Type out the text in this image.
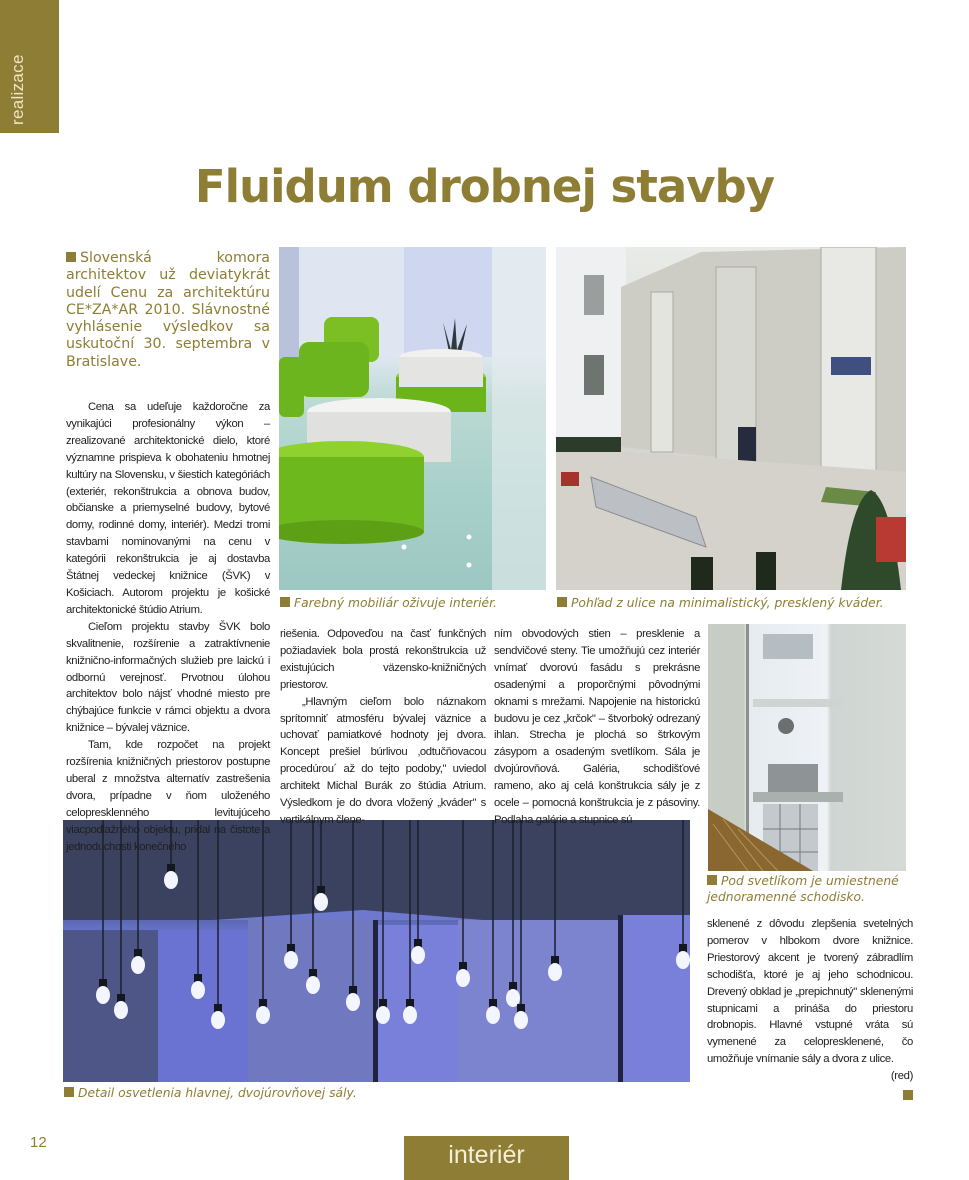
realizace
Fluidum drobnej stavby
Slovenská komora architektov už deviatykrát udelí Cenu za architektúru CE*ZA*AR 2010. Slávnostné vyhlásenie výsledkov sa uskutoční 30. septembra v Bratislave.
Farebný mobiliár oživuje interiér.	Pohľad z ulice na minimalistický, presklený kváder.
Pod svetlíkom je umiestnené jednoramenné schodisko.
Detail osvetlenia hlavnej, dvojúrovňovej sály.

Cena sa udeľuje každoročne za vynikajúci profesionálny výkon – zrealizované architektonické dielo, ktoré významne prispieva k obohateniu hmotnej kultúry na Slovensku, v šiestich kategóriách (exteriér, rekonštrukcia a obnova budov, občianske a priemyselné budovy, bytové domy, rodinné domy, interiér). Medzi tromi stavbami nominovanými na cenu v kategórii rekonštrukcia je aj dostavba Štátnej vedeckej knižnice (ŠVK) v Košiciach. Autorom projektu je košické architektonické štúdio Atrium.

Cieľom projektu stavby ŠVK bolo skvalitnenie, rozšírenie a zatraktívnenie knižnično-informačných služieb pre laickú i odbornú verejnosť. Prvotnou úlohou architektov bolo nájsť vhodné miesto pre chýbajúce funkcie v rámci objektu a dvora knižnice – bývalej väznice.

Tam, kde rozpočet na projekt rozšírenia knižničných priestorov postupne uberal z množstva alternatív zastrešenia dvora, prípadne v ňom uloženého celopresklenného levitujúceho viacpodlažného objektu, pridal na čistote a jednoduchosti konečného

riešenia. Odpoveďou na časť funkčných požiadaviek bola prostá rekonštrukcia už existujúcich väzensko-knižničných priestorov.

„Hlavným cieľom bolo náznakom sprítomniť atmosféru bývalej väznice a uchovať pamiatkové hodnoty jej dvora. Koncept prešiel búrlivou ‚odtučňovacou procedúrou´ až do tejto podoby," uviedol architekt Michal Burák zo štúdia Atrium. Výsledkom je do dvora vložený „kváder" s vertikálnym člene-

ním obvodových stien – presklenie a sendvičové steny. Tie umožňujú cez interiér vnímať dvorovú fasádu s prekrásne osadenými a proporčnými pôvodnými oknami s mrežami. Napojenie na historickú budovu je cez „krčok" – štvorboký odrezaný ihlan. Strecha je plochá so štrkovým zásypom a osadeným svetlíkom. Sála je dvojúrovňová. Galéria, schodišťové rameno, ako aj celá konštrukcia sály je z ocele – pomocná konštrukcia je z pásoviny. Podlaha galérie a stupnice sú

sklenené z dôvodu zlepšenia svetelných pomerov v hlbokom dvore knižnice. Priestorový akcent je tvorený zábradlím schodišťa, ktoré je aj jeho schodnicou. Drevený obklad je „prepichnutý" sklenenými stupnicami a prináša do priestoru drobnopis. Hlavné vstupné vráta sú vymenené za celopresklenené, čo umožňuje vnímanie sály a dvora z ulice.

(red)
12	interiér
